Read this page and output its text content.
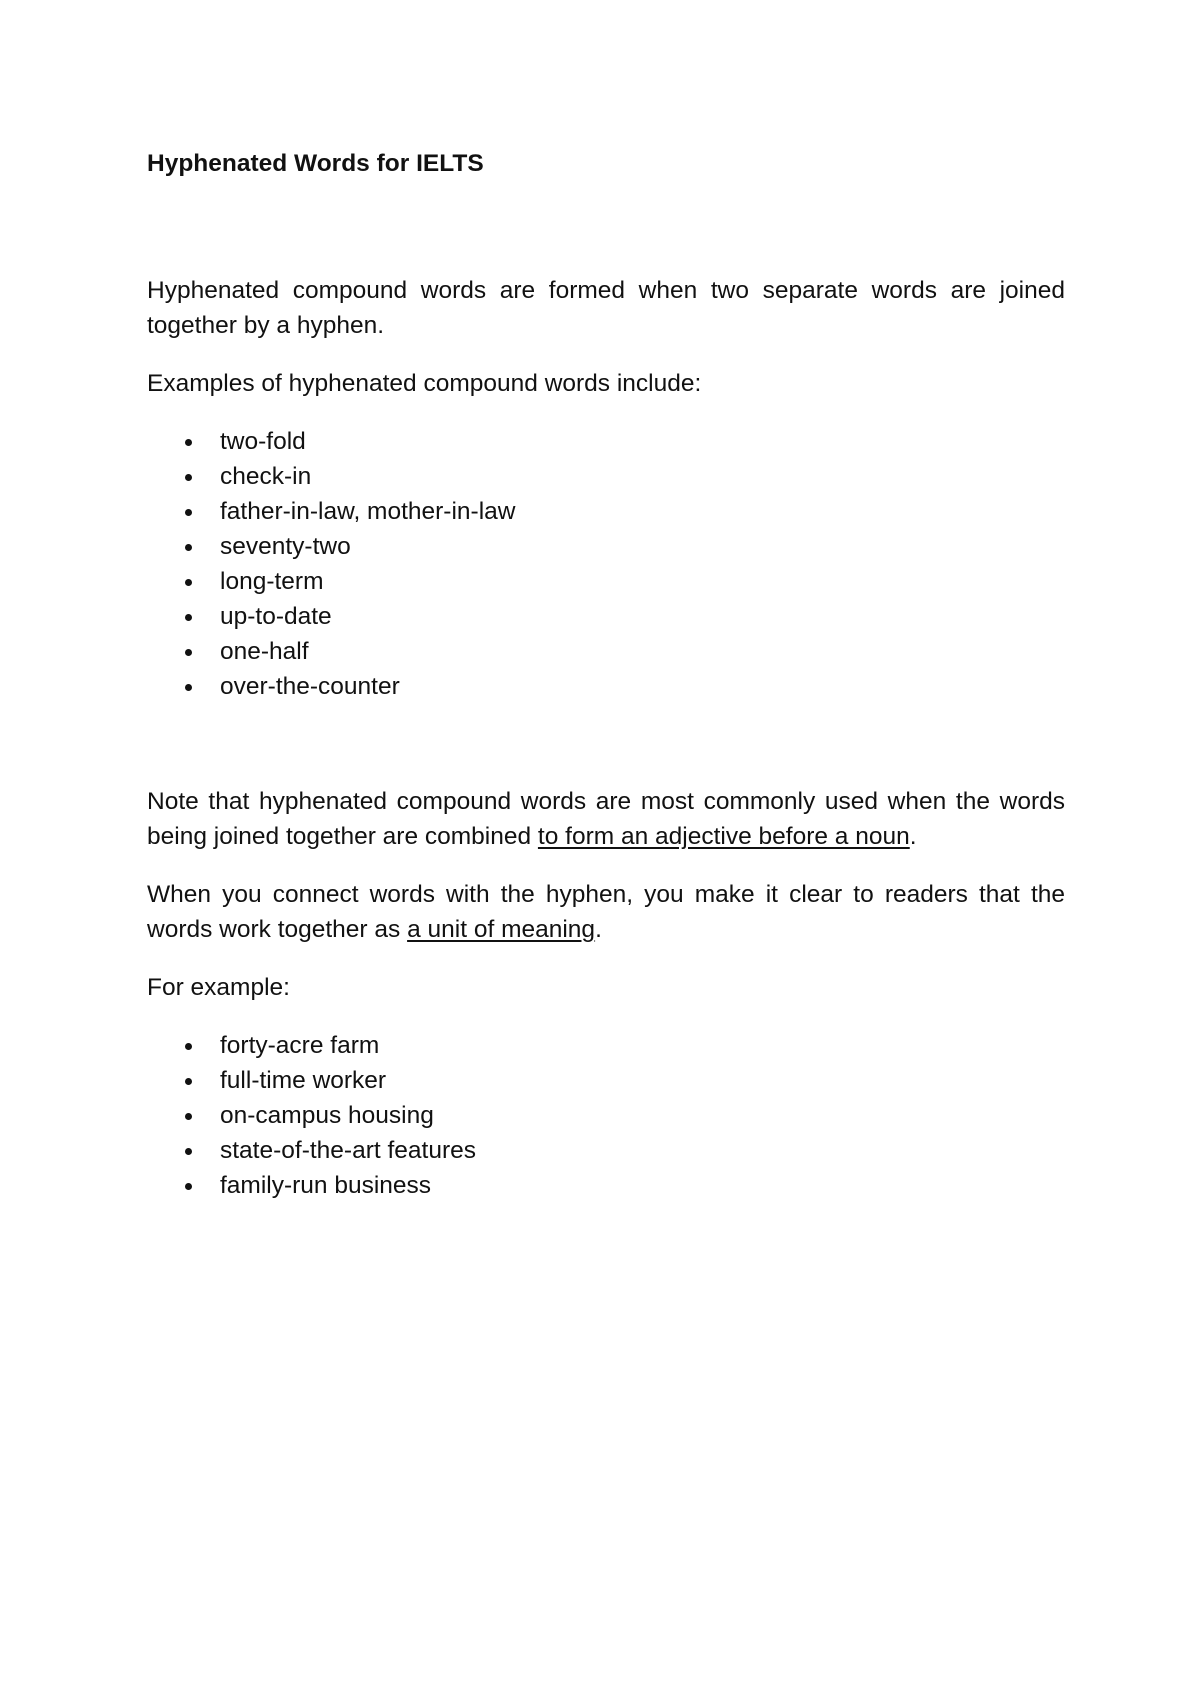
Hyphenated Words for IELTS

Hyphenated compound words are formed when two separate words are joined together by a hyphen.

Examples of hyphenated compound words include:

two-fold
check-in
father-in-law, mother-in-law
seventy-two
long-term
up-to-date
one-half
over-the-counter

Note that hyphenated compound words are most commonly used when the words being joined together are combined to form an adjective before a noun.

When you connect words with the hyphen, you make it clear to readers that the words work together as a unit of meaning.

For example:

forty-acre farm
full-time worker
on-campus housing
state-of-the-art features
family-run business
